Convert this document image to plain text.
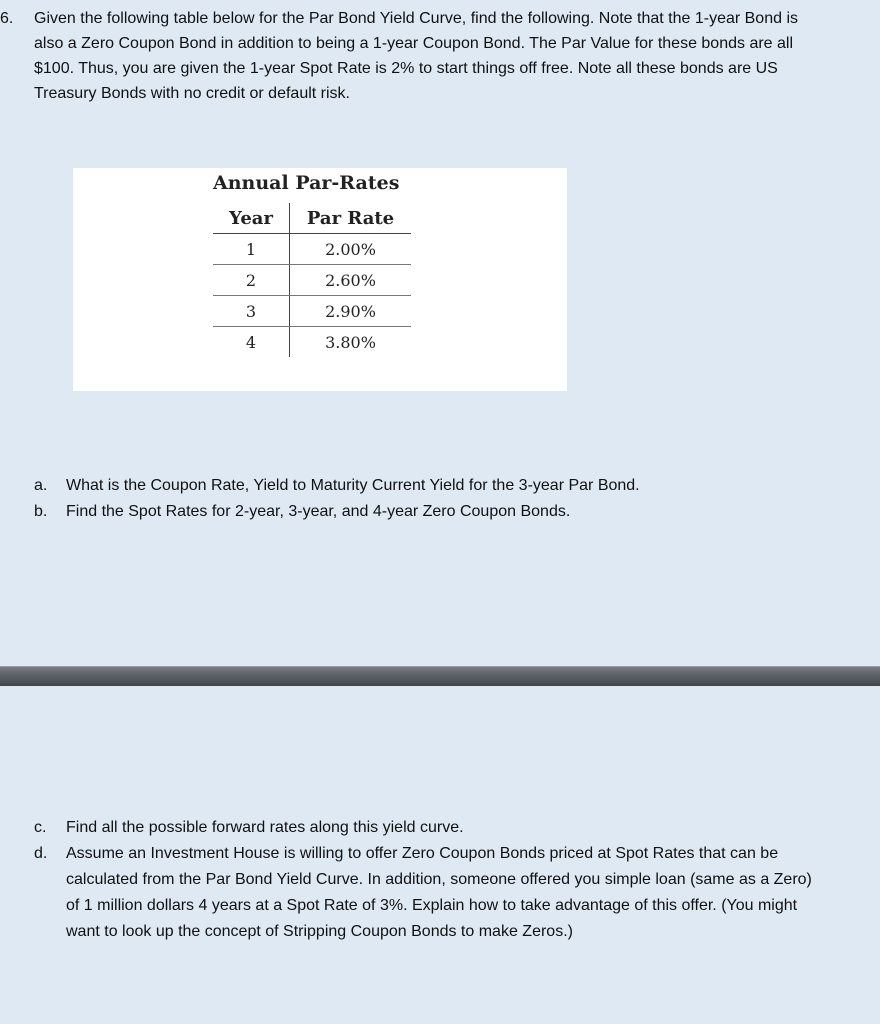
6.	Given the following table below for the Par Bond Yield Curve, find the following. Note that the 1-year Bond is also a Zero Coupon Bond in addition to being a 1-year Coupon Bond. The Par Value for these bonds are all $100. Thus, you are given the 1-year Spot Rate is 2% to start things off free. Note all these bonds are US Treasury Bonds with no credit or default risk.
Annual Par-Rates
Year	Par Rate
1	2.00%
2	2.60%
3	2.90%
4	3.80%
a. What is the Coupon Rate, Yield to Maturity Current Yield for the 3-year Par Bond.
b. Find the Spot Rates for 2-year, 3-year, and 4-year Zero Coupon Bonds.
c. Find all the possible forward rates along this yield curve.
d. Assume an Investment House is willing to offer Zero Coupon Bonds priced at Spot Rates that can be calculated from the Par Bond Yield Curve. In addition, someone offered you simple loan (same as a Zero) of 1 million dollars 4 years at a Spot Rate of 3%. Explain how to take advantage of this offer. (You might want to look up the concept of Stripping Coupon Bonds to make Zeros.)
